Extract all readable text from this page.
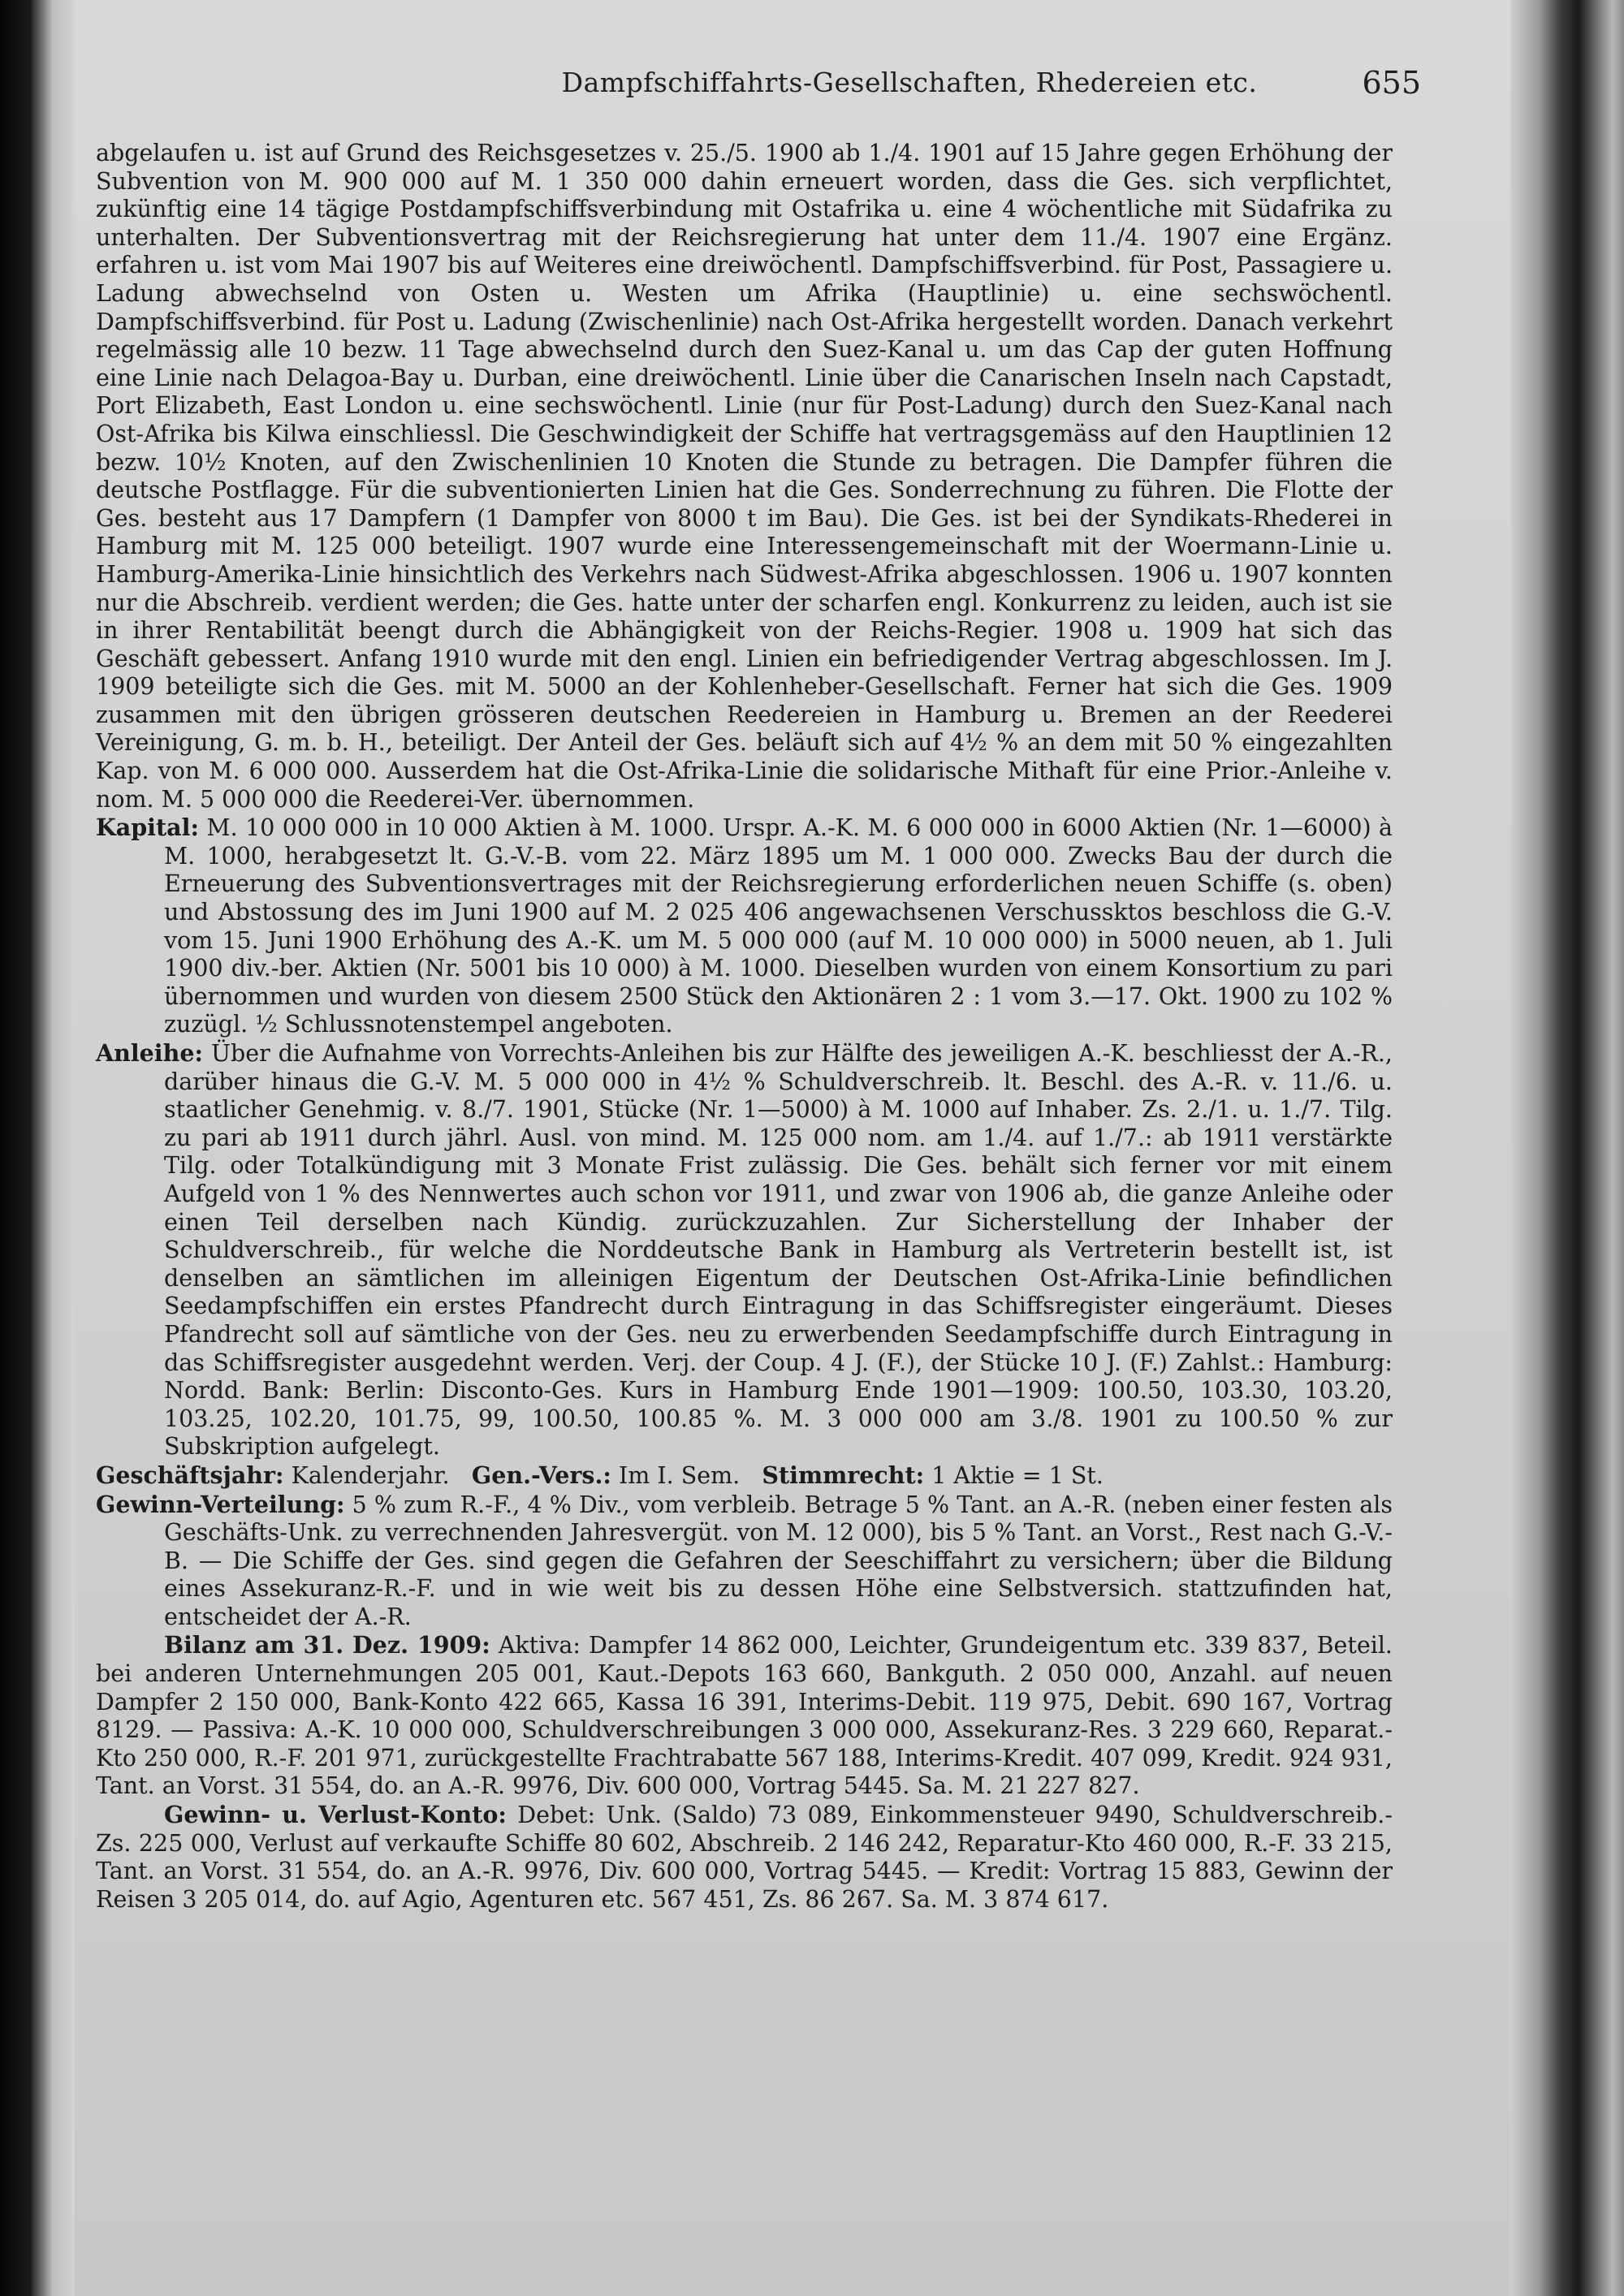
Dampfschiffahrts-Gesellschaften, Rhedereien etc.	655

abgelaufen u. ist auf Grund des Reichsgesetzes v. 25./5. 1900 ab 1./4. 1901 auf 15 Jahre gegen Erhöhung der Subvention von M. 900 000 auf M. 1 350 000 dahin erneuert worden, dass die Ges. sich verpflichtet, zukünftig eine 14 tägige Postdampfschiffsverbindung mit Ostafrika u. eine 4 wöchentliche mit Südafrika zu unterhalten. Der Subventionsvertrag mit der Reichsregierung hat unter dem 11./4. 1907 eine Ergänz. erfahren u. ist vom Mai 1907 bis auf Weiteres eine dreiwöchentl. Dampfschiffsverbind. für Post, Passagiere u. Ladung abwechselnd von Osten u. Westen um Afrika (Hauptlinie) u. eine sechswöchentl. Dampfschiffsverbind. für Post u. Ladung (Zwischenlinie) nach Ost-Afrika hergestellt worden. Danach verkehrt regelmässig alle 10 bezw. 11 Tage abwechselnd durch den Suez-Kanal u. um das Cap der guten Hoffnung eine Linie nach Delagoa-Bay u. Durban, eine dreiwöchentl. Linie über die Canarischen Inseln nach Capstadt, Port Elizabeth, East London u. eine sechswöchentl. Linie (nur für Post-Ladung) durch den Suez-Kanal nach Ost-Afrika bis Kilwa einschliessl. Die Geschwindigkeit der Schiffe hat vertragsgemäss auf den Hauptlinien 12 bezw. 10½ Knoten, auf den Zwischenlinien 10 Knoten die Stunde zu betragen. Die Dampfer führen die deutsche Postflagge. Für die subventionierten Linien hat die Ges. Sonderrechnung zu führen. Die Flotte der Ges. besteht aus 17 Dampfern (1 Dampfer von 8000 t im Bau). Die Ges. ist bei der Syndikats-Rhederei in Hamburg mit M. 125 000 beteiligt. 1907 wurde eine Interessengemeinschaft mit der Woermann-Linie u. Hamburg-Amerika-Linie hinsichtlich des Verkehrs nach Südwest-Afrika abgeschlossen. 1906 u. 1907 konnten nur die Abschreib. verdient werden; die Ges. hatte unter der scharfen engl. Konkurrenz zu leiden, auch ist sie in ihrer Rentabilität beengt durch die Abhängigkeit von der Reichs-Regier. 1908 u. 1909 hat sich das Geschäft gebessert. Anfang 1910 wurde mit den engl. Linien ein befriedigender Vertrag abgeschlossen. Im J. 1909 beteiligte sich die Ges. mit M. 5000 an der Kohlenheber-Gesellschaft. Ferner hat sich die Ges. 1909 zusammen mit den übrigen grösseren deutschen Reedereien in Hamburg u. Bremen an der Reederei Vereinigung, G. m. b. H., beteiligt. Der Anteil der Ges. beläuft sich auf 4½ % an dem mit 50 % eingezahlten Kap. von M. 6 000 000. Ausserdem hat die Ost-Afrika-Linie die solidarische Mithaft für eine Prior.-Anleihe v. nom. M. 5 000 000 die Reederei-Ver. übernommen.

Kapital: M. 10 000 000 in 10 000 Aktien à M. 1000. Urspr. A.-K. M. 6 000 000 in 6000 Aktien (Nr. 1—6000) à M. 1000, herabgesetzt lt. G.-V.-B. vom 22. März 1895 um M. 1 000 000. Zwecks Bau der durch die Erneuerung des Subventionsvertrages mit der Reichsregierung erforderlichen neuen Schiffe (s. oben) und Abstossung des im Juni 1900 auf M. 2 025 406 angewachsenen Verschussktos beschloss die G.-V. vom 15. Juni 1900 Erhöhung des A.-K. um M. 5 000 000 (auf M. 10 000 000) in 5000 neuen, ab 1. Juli 1900 div.-ber. Aktien (Nr. 5001 bis 10 000) à M. 1000. Dieselben wurden von einem Konsortium zu pari übernommen und wurden von diesem 2500 Stück den Aktionären 2 : 1 vom 3.—17. Okt. 1900 zu 102 % zuzügl. ½ Schlussnotenstempel angeboten.

Anleihe: Über die Aufnahme von Vorrechts-Anleihen bis zur Hälfte des jeweiligen A.-K. beschliesst der A.-R., darüber hinaus die G.-V. M. 5 000 000 in 4½ % Schuldverschreib. lt. Beschl. des A.-R. v. 11./6. u. staatlicher Genehmig. v. 8./7. 1901, Stücke (Nr. 1—5000) à M. 1000 auf Inhaber. Zs. 2./1. u. 1./7. Tilg. zu pari ab 1911 durch jährl. Ausl. von mind. M. 125 000 nom. am 1./4. auf 1./7.: ab 1911 verstärkte Tilg. oder Totalkündigung mit 3 Monate Frist zulässig. Die Ges. behält sich ferner vor mit einem Aufgeld von 1 % des Nennwertes auch schon vor 1911, und zwar von 1906 ab, die ganze Anleihe oder einen Teil derselben nach Kündig. zurückzuzahlen. Zur Sicherstellung der Inhaber der Schuldverschreib., für welche die Norddeutsche Bank in Hamburg als Vertreterin bestellt ist, ist denselben an sämtlichen im alleinigen Eigentum der Deutschen Ost-Afrika-Linie befindlichen Seedampfschiffen ein erstes Pfandrecht durch Eintragung in das Schiffsregister eingeräumt. Dieses Pfandrecht soll auf sämtliche von der Ges. neu zu erwerbenden Seedampfschiffe durch Eintragung in das Schiffsregister ausgedehnt werden. Verj. der Coup. 4 J. (F.), der Stücke 10 J. (F.) Zahlst.: Hamburg: Nordd. Bank: Berlin: Disconto-Ges. Kurs in Hamburg Ende 1901—1909: 100.50, 103.30, 103.20, 103.25, 102.20, 101.75, 99, 100.50, 100.85 %. M. 3 000 000 am 3./8. 1901 zu 100.50 % zur Subskription aufgelegt.

Geschäftsjahr: Kalenderjahr. Gen.-Vers.: Im I. Sem. Stimmrecht: 1 Aktie = 1 St.

Gewinn-Verteilung: 5 % zum R.-F., 4 % Div., vom verbleib. Betrage 5 % Tant. an A.-R. (neben einer festen als Geschäfts-Unk. zu verrechnenden Jahresvergüt. von M. 12 000), bis 5 % Tant. an Vorst., Rest nach G.-V.-B. — Die Schiffe der Ges. sind gegen die Gefahren der Seeschiffahrt zu versichern; über die Bildung eines Assekuranz-R.-F. und in wie weit bis zu dessen Höhe eine Selbstversich. stattzufinden hat, entscheidet der A.-R.

Bilanz am 31. Dez. 1909: Aktiva: Dampfer 14 862 000, Leichter, Grundeigentum etc. 339 837, Beteil. bei anderen Unternehmungen 205 001, Kaut.-Depots 163 660, Bankguth. 2 050 000, Anzahl. auf neuen Dampfer 2 150 000, Bank-Konto 422 665, Kassa 16 391, Interims-Debit. 119 975, Debit. 690 167, Vortrag 8129. — Passiva: A.-K. 10 000 000, Schuldverschreibungen 3 000 000, Assekuranz-Res. 3 229 660, Reparat.-Kto 250 000, R.-F. 201 971, zurückgestellte Frachtrabatte 567 188, Interims-Kredit. 407 099, Kredit. 924 931, Tant. an Vorst. 31 554, do. an A.-R. 9976, Div. 600 000, Vortrag 5445. Sa. M. 21 227 827.

Gewinn- u. Verlust-Konto: Debet: Unk. (Saldo) 73 089, Einkommensteuer 9490, Schuldverschreib.-Zs. 225 000, Verlust auf verkaufte Schiffe 80 602, Abschreib. 2 146 242, Reparatur-Kto 460 000, R.-F. 33 215, Tant. an Vorst. 31 554, do. an A.-R. 9976, Div. 600 000, Vortrag 5445. — Kredit: Vortrag 15 883, Gewinn der Reisen 3 205 014, do. auf Agio, Agenturen etc. 567 451, Zs. 86 267. Sa. M. 3 874 617.
